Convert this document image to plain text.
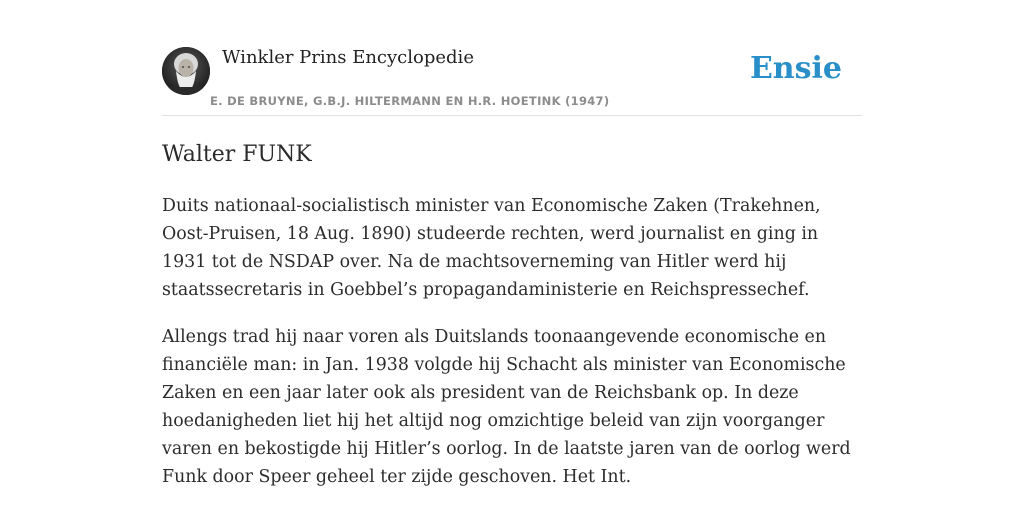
Winkler Prins Encyclopedie
E. DE BRUYNE, G.B.J. HILTERMANN EN H.R. HOETINK (1947)
Ensie
Walter FUNK

Duits nationaal-socialistisch minister van Economische Zaken (Trakehnen, Oost-Pruisen, 18 Aug. 1890) studeerde rechten, werd journalist en ging in 1931 tot de NSDAP over. Na de machtsoverneming van Hitler werd hij staatssecretaris in Goebbel’s propagandaministerie en Reichspressechef.

Allengs trad hij naar voren als Duitslands toonaangevende economische en financiële man: in Jan. 1938 volgde hij Schacht als minister van Economische Zaken en een jaar later ook als president van de Reichsbank op. In deze hoedanigheden liet hij het altijd nog omzichtige beleid van zijn voorganger varen en bekostigde hij Hitler’s oorlog. In de laatste jaren van de oorlog werd Funk door Speer geheel ter zijde geschoven. Het Int.
